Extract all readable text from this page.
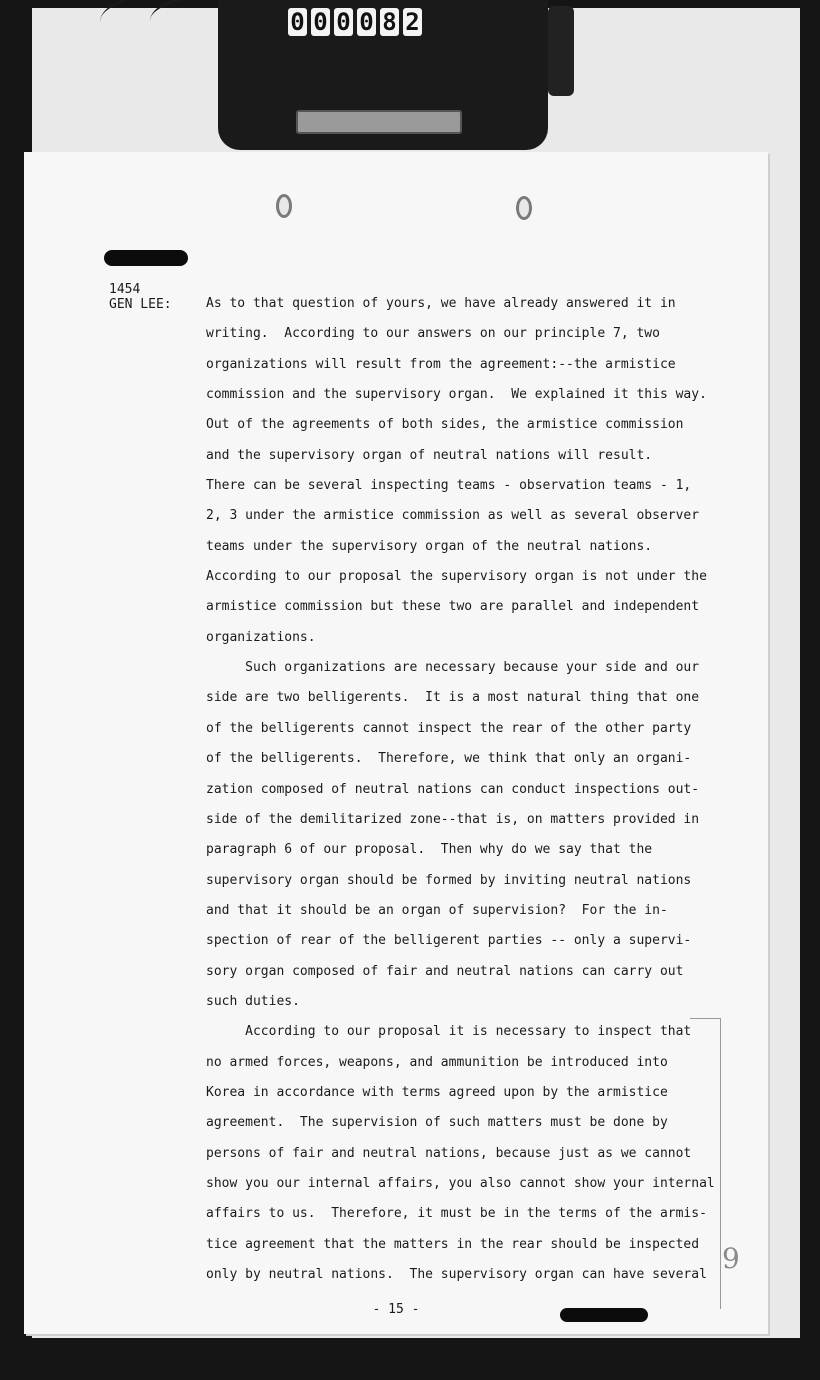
0 0 0 0 8 2
1454
GEN LEE:	As to that question of yours, we have already answered it in
writing.  According to our answers on our principle 7, two
organizations will result from the agreement:--the armistice
commission and the supervisory organ.  We explained it this way.
Out of the agreements of both sides, the armistice commission
and the supervisory organ of neutral nations will result.
There can be several inspecting teams - observation teams - 1,
2, 3 under the armistice commission as well as several observer
teams under the supervisory organ of the neutral nations.
According to our proposal the supervisory organ is not under the
armistice commission but these two are parallel and independent
organizations.
Such organizations are necessary because your side and our
side are two belligerents.  It is a most natural thing that one
of the belligerents cannot inspect the rear of the other party
of the belligerents.  Therefore, we think that only an organi-
zation composed of neutral nations can conduct inspections out-
side of the demilitarized zone--that is, on matters provided in
paragraph 6 of our proposal.  Then why do we say that the
supervisory organ should be formed by inviting neutral nations
and that it should be an organ of supervision?  For the in-
spection of rear of the belligerent parties -- only a supervi-
sory organ composed of fair and neutral nations can carry out
such duties.
According to our proposal it is necessary to inspect that
no armed forces, weapons, and ammunition be introduced into
Korea in accordance with terms agreed upon by the armistice
agreement.  The supervision of such matters must be done by
persons of fair and neutral nations, because just as we cannot
show you our internal affairs, you also cannot show your internal
affairs to us.  Therefore, it must be in the terms of the armis-
tice agreement that the matters in the rear should be inspected
only by neutral nations.  The supervisory organ can have several 9
- 15 -
